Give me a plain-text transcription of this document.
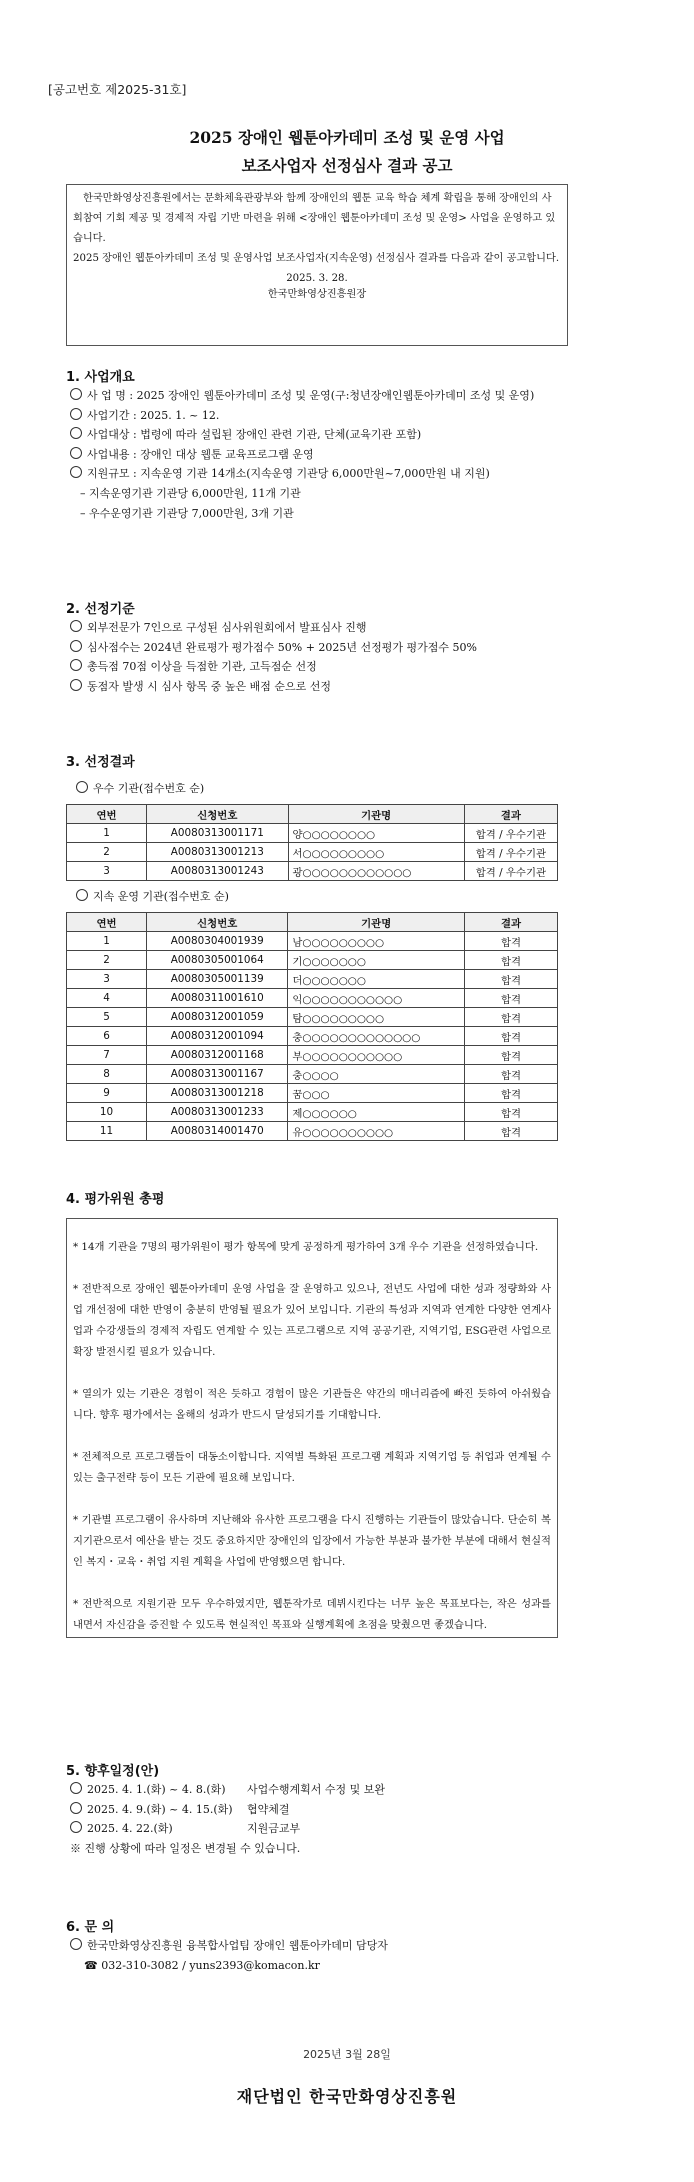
[공고번호 제2025-31호]
2025 장애인 웹툰아카데미 조성 및 운영 사업
보조사업자 선정심사 결과 공고

한국만화영상진흥원에서는 문화체육관광부와 함께 장애인의 웹툰 교육 학습 체계 확립을 통해 장애인의 사회참여 기회 제공 및 경제적 자립 기반 마련을 위해 <장애인 웹툰아카데미 조성 및 운영> 사업을 운영하고 있습니다.

2025 장애인 웹툰아카데미 조성 및 운영사업 보조사업자(지속운영) 선정심사 결과를 다음과 같이 공고합니다.

2025. 3. 28.

한국만화영상진흥원장

1. 사업개요
사 업 명 : 2025 장애인 웹툰아카데미 조성 및 운영(구:청년장애인웹툰아카데미 조성 및 운영)
사업기간 : 2025. 1. ~ 12.
사업대상 : 법령에 따라 설립된 장애인 관련 기관, 단체(교육기관 포함)
사업내용 : 장애인 대상 웹툰 교육프로그램 운영
지원규모 : 지속운영 기관 14개소(지속운영 기관당 6,000만원~7,000만원 내 지원)
– 지속운영기관 기관당 6,000만원, 11개 기관
– 우수운영기관 기관당 7,000만원, 3개 기관
2. 선정기준
외부전문가 7인으로 구성된 심사위원회에서 발표심사 진행
심사점수는 2024년 완료평가 평가점수 50% + 2025년 선정평가 평가점수 50%
총득점 70점 이상을 득점한 기관, 고득점순 선정
동점자 발생 시 심사 항목 중 높은 배점 순으로 선정
3. 선정결과
우수 기관(접수번호 순)
연번	신청번호	기관명	결과
1	A0080313001171	양○○○○○○○○	합격 / 우수기관
2	A0080313001213	서○○○○○○○○○	합격 / 우수기관
3	A0080313001243	광○○○○○○○○○○○○	합격 / 우수기관
지속 운영 기관(접수번호 순)
연번	신청번호	기관명	결과
1	A0080304001939	남○○○○○○○○○	합격
2	A0080305001064	기○○○○○○○	합격
3	A0080305001139	더○○○○○○○	합격
4	A0080311001610	익○○○○○○○○○○○	합격
5	A0080312001059	탐○○○○○○○○○	합격
6	A0080312001094	충○○○○○○○○○○○○○	합격
7	A0080312001168	부○○○○○○○○○○○	합격
8	A0080313001167	충○○○○	합격
9	A0080313001218	꿈○○○	합격
10	A0080313001233	제○○○○○○	합격
11	A0080314001470	유○○○○○○○○○○	합격
4. 평가위원 총평

* 14개 기관을 7명의 평가위원이 평가 항목에 맞게 공정하게 평가하여 3개 우수 기관을 선정하였습니다.

* 전반적으로 장애인 웹툰아카데미 운영 사업을 잘 운영하고 있으나, 전년도 사업에 대한 성과 정량화와 사업 개선점에 대한 반영이 충분히 반영될 필요가 있어 보입니다. 기관의 특성과 지역과 연계한 다양한 연계사업과 수강생들의 경제적 자립도 연계할 수 있는 프로그램으로 지역 공공기관, 지역기업, ESG관련 사업으로 확장 발전시킬 필요가 있습니다.

* 열의가 있는 기관은 경험이 적은 듯하고 경험이 많은 기관들은 약간의 매너리즘에 빠진 듯하여 아쉬웠습니다. 향후 평가에서는 올해의 성과가 반드시 달성되기를 기대합니다.

* 전체적으로 프로그램들이 대동소이합니다. 지역별 특화된 프로그램 계획과 지역기업 등 취업과 연계될 수 있는 출구전략 등이 모든 기관에 필요해 보입니다.

* 기관별 프로그램이 유사하며 지난해와 유사한 프로그램을 다시 진행하는 기관들이 많았습니다. 단순히 복지기관으로서 예산을 받는 것도 중요하지만 장애인의 입장에서 가능한 부분과 불가한 부분에 대해서 현실적인 복지・교육・취업 지원 계획을 사업에 반영했으면 합니다.

* 전반적으로 지원기관 모두 우수하였지만, 웹툰작가로 데뷔시킨다는 너무 높은 목표보다는, 작은 성과를 내면서 자신감을 증진할 수 있도록 현실적인 목표와 실행계획에 초점을 맞췄으면 좋겠습니다.

5. 향후일정(안)
2025. 4. 1.(화) ~ 4. 8.(화) 사업수행계획서 수정 및 보완
2025. 4. 9.(화) ~ 4. 15.(화) 협약체결
2025. 4. 22.(화)	지원금교부
※ 진행 상황에 따라 일정은 변경될 수 있습니다.
6. 문 의
한국만화영상진흥원 융복합사업팀 장애인 웹툰아카데미 담당자
☎ 032-310-3082 / yuns2393@komacon.kr
2025년 3월 28일
재단법인 한국만화영상진흥원
